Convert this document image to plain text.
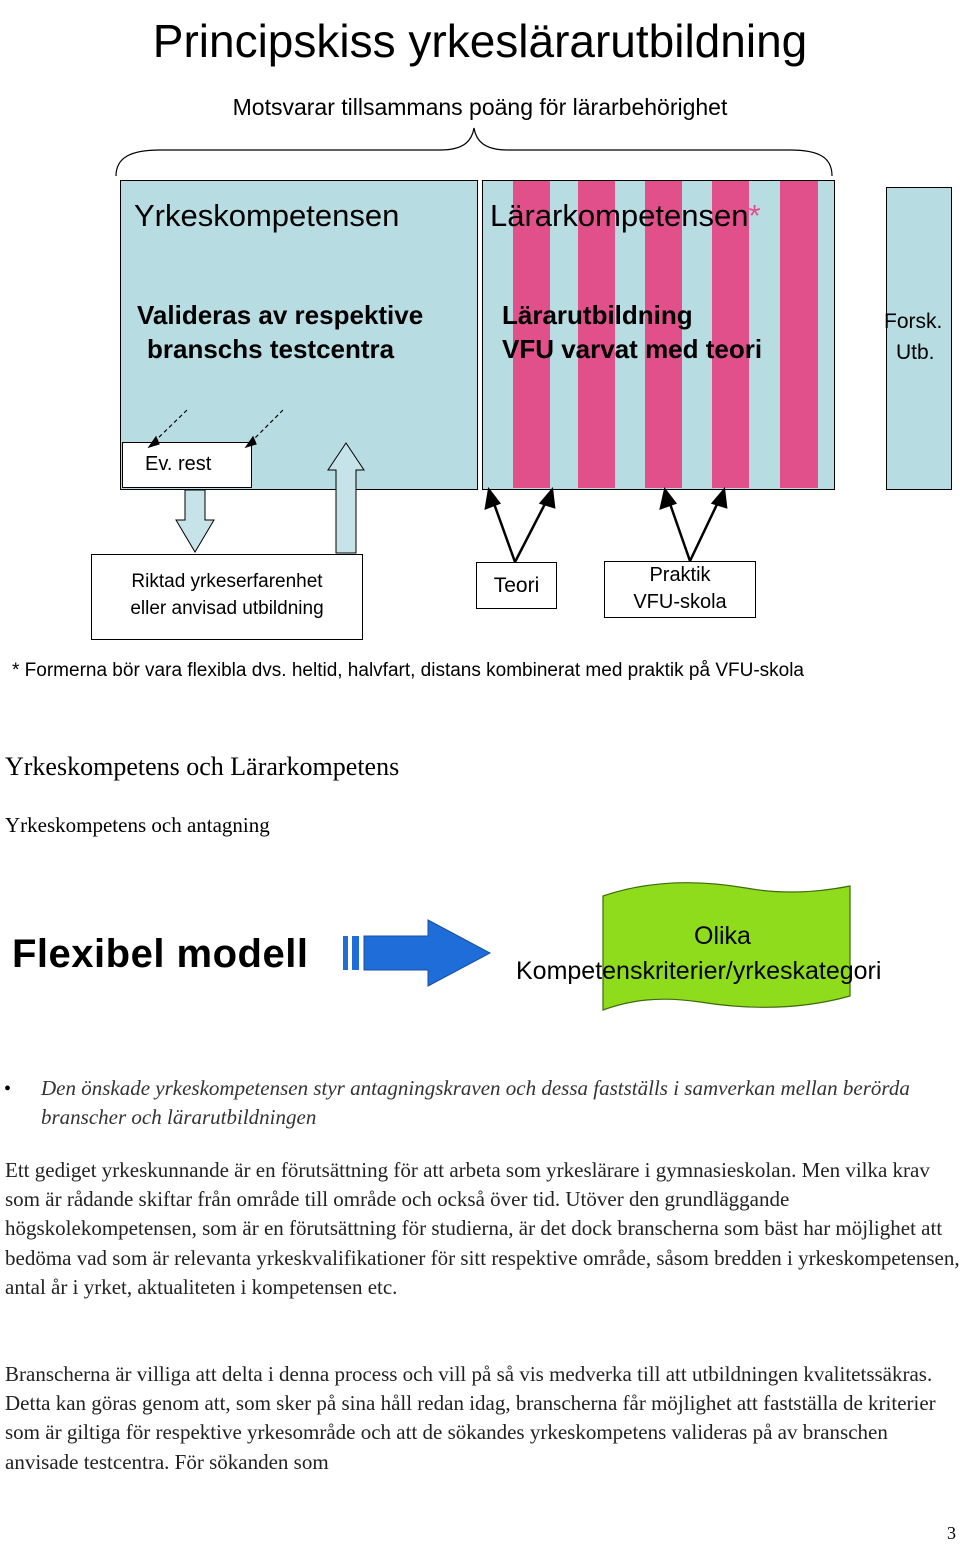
Principskiss yrkeslärarutbildning
Motsvarar tillsammans poäng för lärarbehörighet
Yrkeskompetensen
Valideras av respektive
branschs testcentra
Lärarkompetensen*
Lärarutbildning
VFU varvat med teori
Forsk.
Utb.
Ev. rest
Riktad yrkeserfarenhet
eller anvisad utbildning
Teori	Praktik
VFU-skola
* Formerna bör vara flexibla dvs. heltid, halvfart, distans kombinerat med praktik på VFU-skola
Yrkeskompetens och Lärarkompetens
Yrkeskompetens och antagning
Flexibel modell	Olika
Kompetenskriterier/yrkeskategori
• Den önskade yrkeskompetensen styr antagningskraven och dessa fastställs i samverkan mellan berörda branscher och lärarutbildningen
Ett gediget yrkeskunnande är en förutsättning för att arbeta som yrkeslärare i gymnasieskolan. Men vilka krav som är rådande skiftar från område till område och också över tid. Utöver den grundläggande högskolekompetensen, som är en förutsättning för studierna, är det dock branscherna som bäst har möjlighet att bedöma vad som är relevanta yrkeskvalifikationer för sitt respektive område, såsom bredden i yrkeskompetensen, antal år i yrket, aktualiteten i kompetensen etc.
Branscherna är villiga att delta i denna process och vill på så vis medverka till att utbildningen kvalitetssäkras. Detta kan göras genom att, som sker på sina håll redan idag, branscherna får möjlighet att fastställa de kriterier som är giltiga för respektive yrkesområde och att de sökandes yrkeskompetens valideras på av branschen anvisade testcentra. För sökanden som
3
